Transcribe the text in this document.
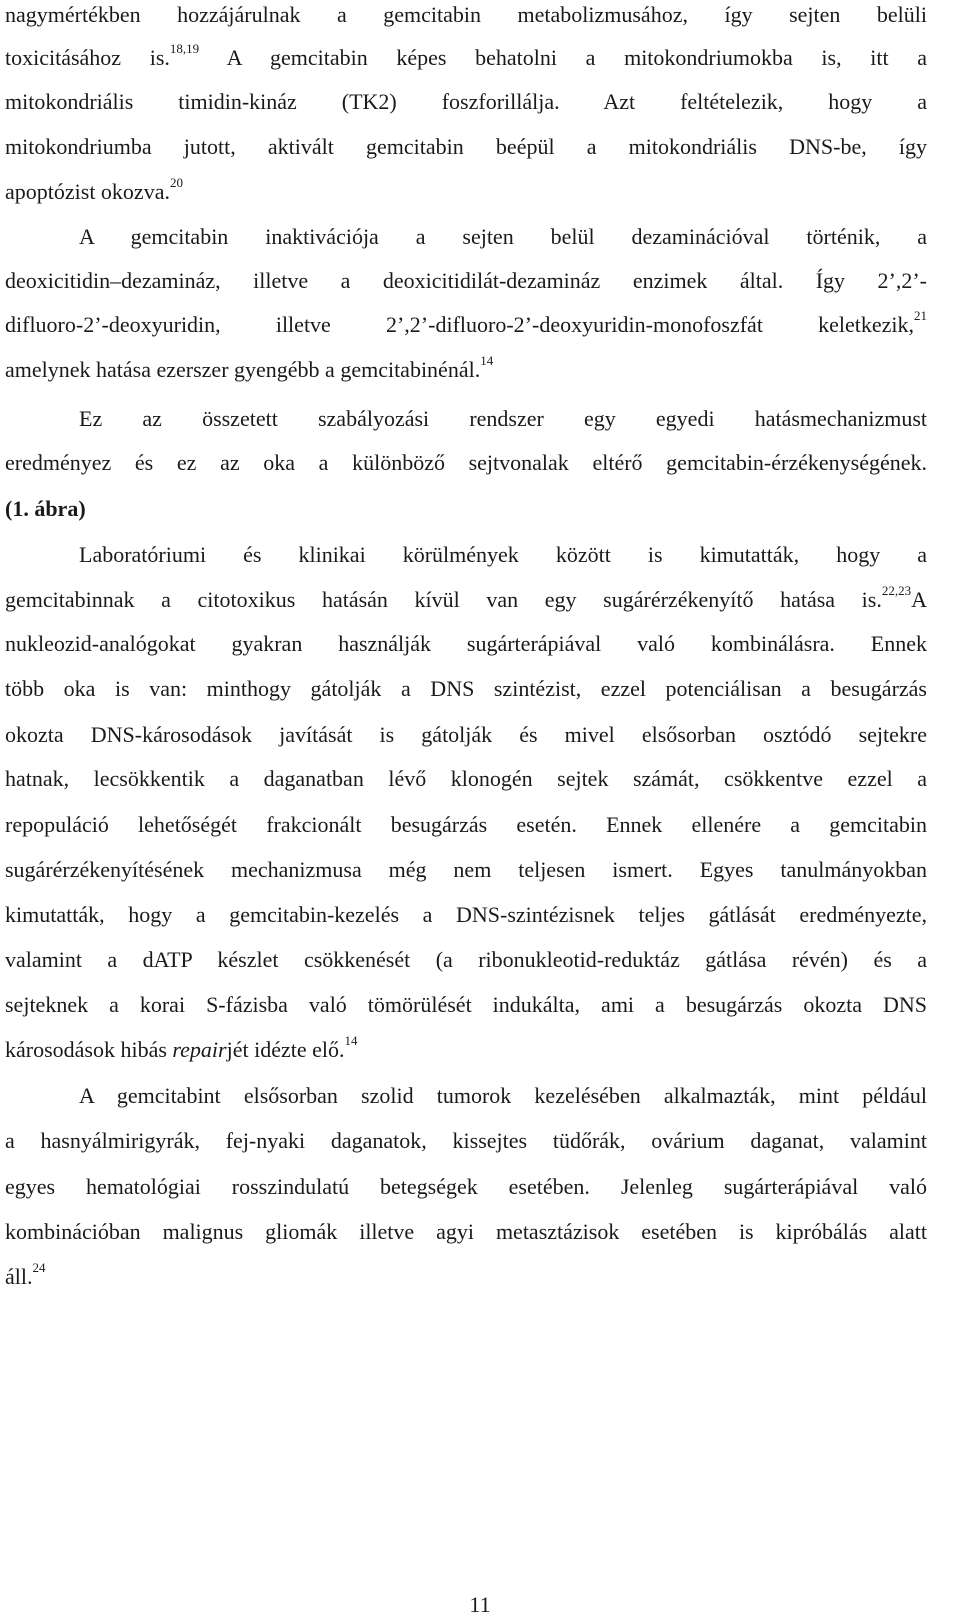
nagymértékben hozzájárulnak a gemcitabin metabolizmusához, így sejten belüli
toxicitásához is.$^{18,19}$ A gemcitabin képes behatolni a mitokondriumokba is, itt a
mitokondriális timidin-kináz (TK2) foszforillálja. Azt feltételezik, hogy a
mitokondriumba jutott, aktivált gemcitabin beépül a mitokondriális DNS-be, így
apoptózist okozva.$^{20}$
A gemcitabin inaktivációja a sejten belül dezaminációval történik, a
deoxicitidin–dezamináz, illetve a deoxicitidilát-dezamináz enzimek által. Így 2’,2’-
difluoro-2’-deoxyuridin, illetve 2’,2’-difluoro-2’-deoxyuridin-monofoszfát keletkezik,$^{21}$
amelynek hatása ezerszer gyengébb a gemcitabinénál.$^{14}$
Ez az összetett szabályozási rendszer egy egyedi hatásmechanizmust
eredményez és ez az oka a különböző sejtvonalak eltérő gemcitabin-érzékenységének.
(1. ábra)
Laboratóriumi és klinikai körülmények között is kimutatták, hogy a
gemcitabinnak a citotoxikus hatásán kívül van egy sugárérzékenyítő hatása is.$^{22,23}$A
nukleozid-analógokat gyakran használják sugárterápiával való kombinálásra. Ennek
több oka is van: minthogy gátolják a DNS szintézist, ezzel potenciálisan a besugárzás
okozta DNS-károsodások javítását is gátolják és mivel elsősorban osztódó sejtekre
hatnak, lecsökkentik a daganatban lévő klonogén sejtek számát, csökkentve ezzel a
repopuláció lehetőségét frakcionált besugárzás esetén. Ennek ellenére a gemcitabin
sugárérzékenyítésének mechanizmusa még nem teljesen ismert. Egyes tanulmányokban
kimutatták, hogy a gemcitabin-kezelés a DNS-szintézisnek teljes gátlását eredményezte,
valamint a dATP készlet csökkenését (a ribonukleotid-reduktáz gátlása révén) és a
sejteknek a korai S-fázisba való tömörülését indukálta, ami a besugárzás okozta DNS
károsodások hibás repairjét idézte elő.$^{14}$
A gemcitabint elsősorban szolid tumorok kezelésében alkalmazták, mint például
a hasnyálmirigyrák, fej-nyaki daganatok, kissejtes tüdőrák, ovárium daganat, valamint
egyes hematológiai rosszindulatú betegségek esetében. Jelenleg sugárterápiával való
kombinációban malignus gliomák illetve agyi metasztázisok esetében is kipróbálás alatt
áll.$^{24}$
11
